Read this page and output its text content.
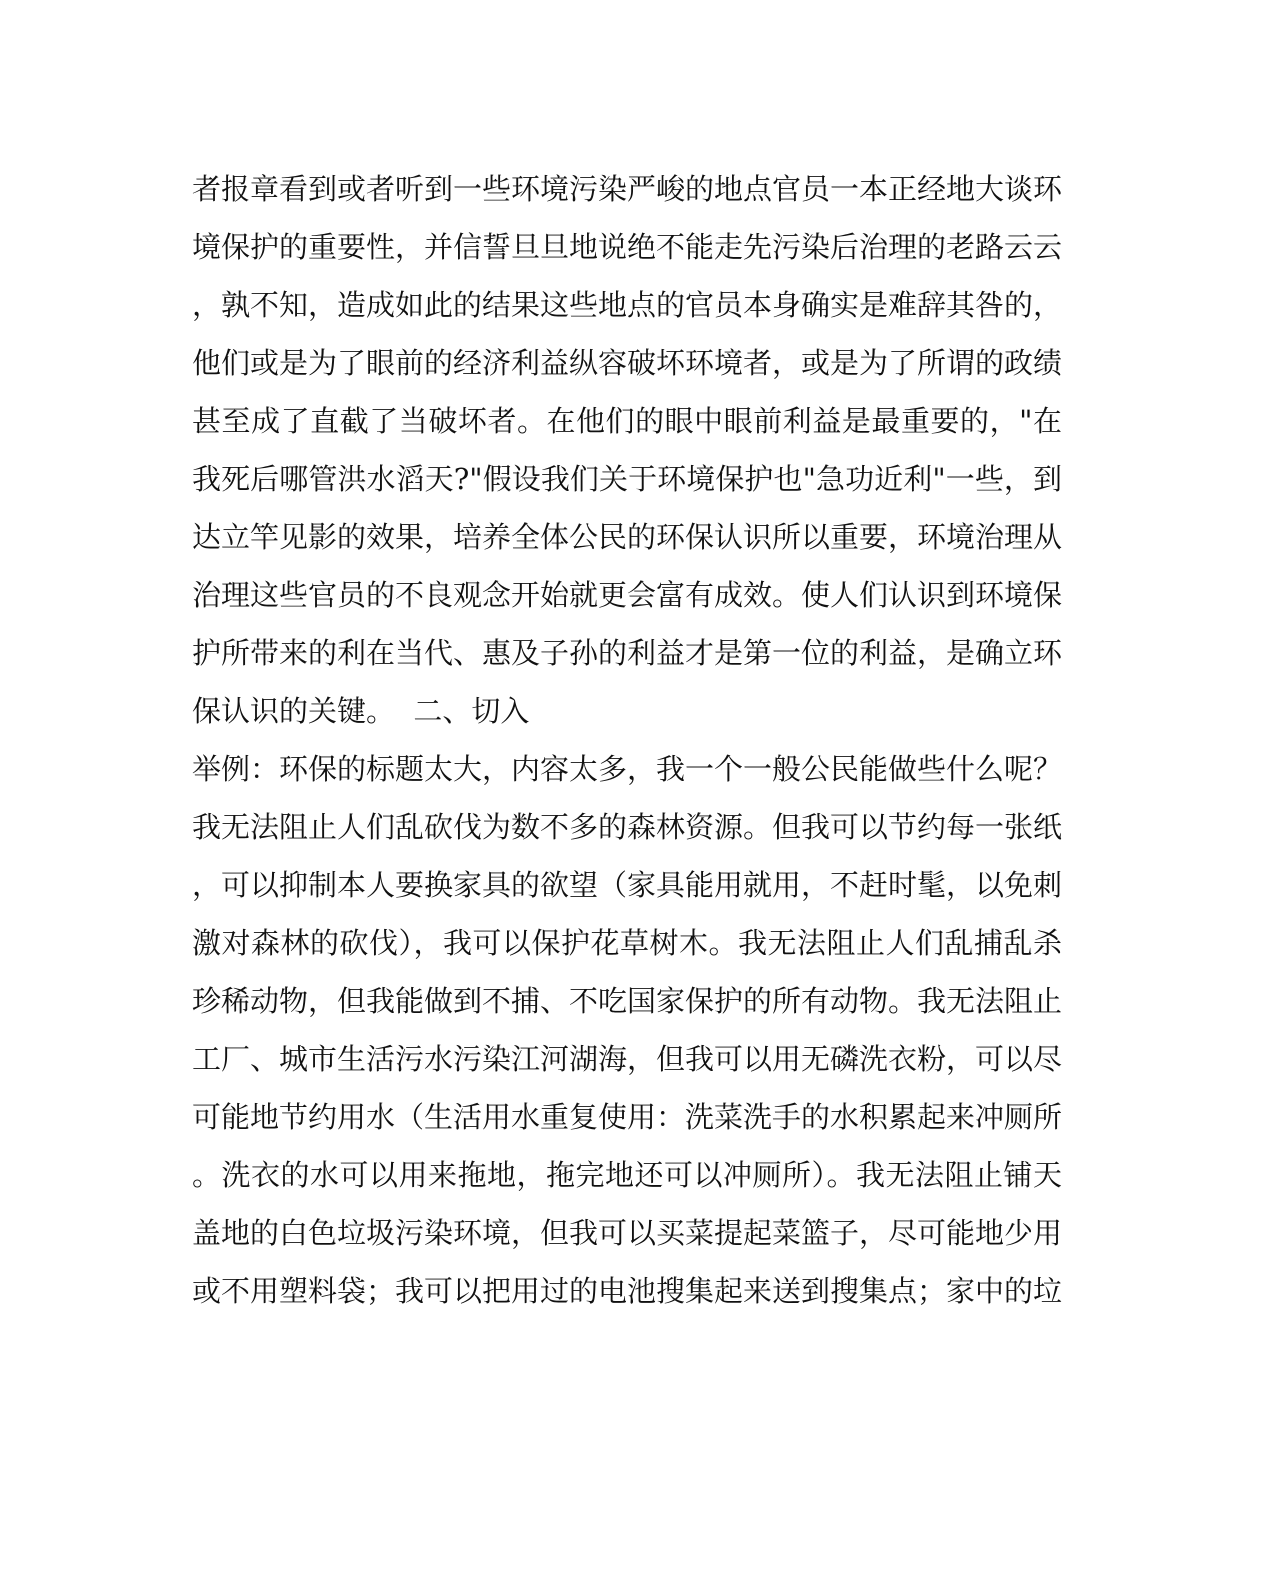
者报章看到或者听到一些环境污染严峻的地点官员一本正经地大谈环
境保护的重要性，并信誓旦旦地说绝不能走先污染后治理的老路云云
，孰不知，造成如此的结果这些地点的官员本身确实是难辞其咎的，
他们或是为了眼前的经济利益纵容破坏环境者，或是为了所谓的政绩
甚至成了直截了当破坏者。在他们的眼中眼前利益是最重要的，"在
我死后哪管洪水滔天?"假设我们关于环境保护也"急功近利"一些，到
达立竿见影的效果，培养全体公民的环保认识所以重要，环境治理从
治理这些官员的不良观念开始就更会富有成效。使人们认识到环境保
护所带来的利在当代、惠及子孙的利益才是第一位的利益，是确立环
保认识的关键。  二、切入
举例：环保的标题太大，内容太多，我一个一般公民能做些什么呢？
我无法阻止人们乱砍伐为数不多的森林资源。但我可以节约每一张纸
，可以抑制本人要换家具的欲望（家具能用就用，不赶时髦，以免刺
激对森林的砍伐），我可以保护花草树木。我无法阻止人们乱捕乱杀
珍稀动物，但我能做到不捕、不吃国家保护的所有动物。我无法阻止
工厂、城市生活污水污染江河湖海，但我可以用无磷洗衣粉，可以尽
可能地节约用水（生活用水重复使用：洗菜洗手的水积累起来冲厕所
。洗衣的水可以用来拖地，拖完地还可以冲厕所）。我无法阻止铺天
盖地的白色垃圾污染环境，但我可以买菜提起菜篮子，尽可能地少用
或不用塑料袋；我可以把用过的电池搜集起来送到搜集点；家中的垃
